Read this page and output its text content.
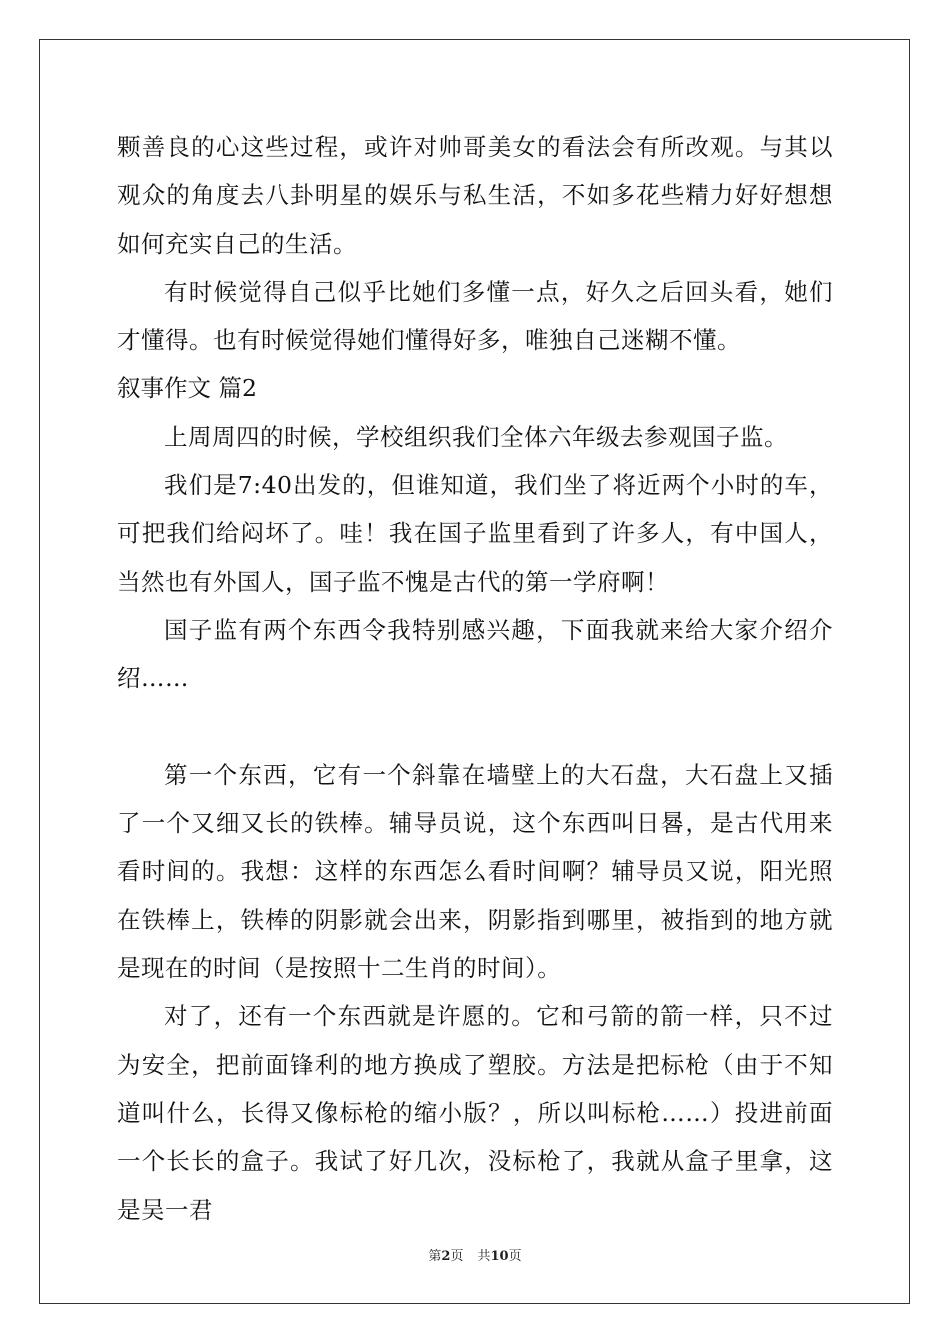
颗善良的心这些过程，或许对帅哥美女的看法会有所改观。与其以观众的角度去八卦明星的娱乐与私生活，不如多花些精力好好想想如何充实自己的生活。

有时候觉得自己似乎比她们多懂一点，好久之后回头看，她们才懂得。也有时候觉得她们懂得好多，唯独自己迷糊不懂。

叙事作文 篇2

上周周四的时候，学校组织我们全体六年级去参观国子监。

我们是7:40出发的，但谁知道，我们坐了将近两个小时的车，可把我们给闷坏了。哇！我在国子监里看到了许多人，有中国人，当然也有外国人，国子监不愧是古代的第一学府啊！

国子监有两个东西令我特别感兴趣，下面我就来给大家介绍介绍……

第一个东西，它有一个斜靠在墙壁上的大石盘，大石盘上又插了一个又细又长的铁棒。辅导员说，这个东西叫日晷，是古代用来看时间的。我想：这样的东西怎么看时间啊？辅导员又说，阳光照在铁棒上，铁棒的阴影就会出来，阴影指到哪里，被指到的地方就是现在的时间（是按照十二生肖的时间）。

对了，还有一个东西就是许愿的。它和弓箭的箭一样，只不过为安全，把前面锋利的地方换成了塑胶。方法是把标枪（由于不知道叫什么，长得又像标枪的缩小版？，所以叫标枪……）投进前面一个长长的盒子。我试了好几次，没标枪了，我就从盒子里拿，这是吴一君

第2页 共10页
